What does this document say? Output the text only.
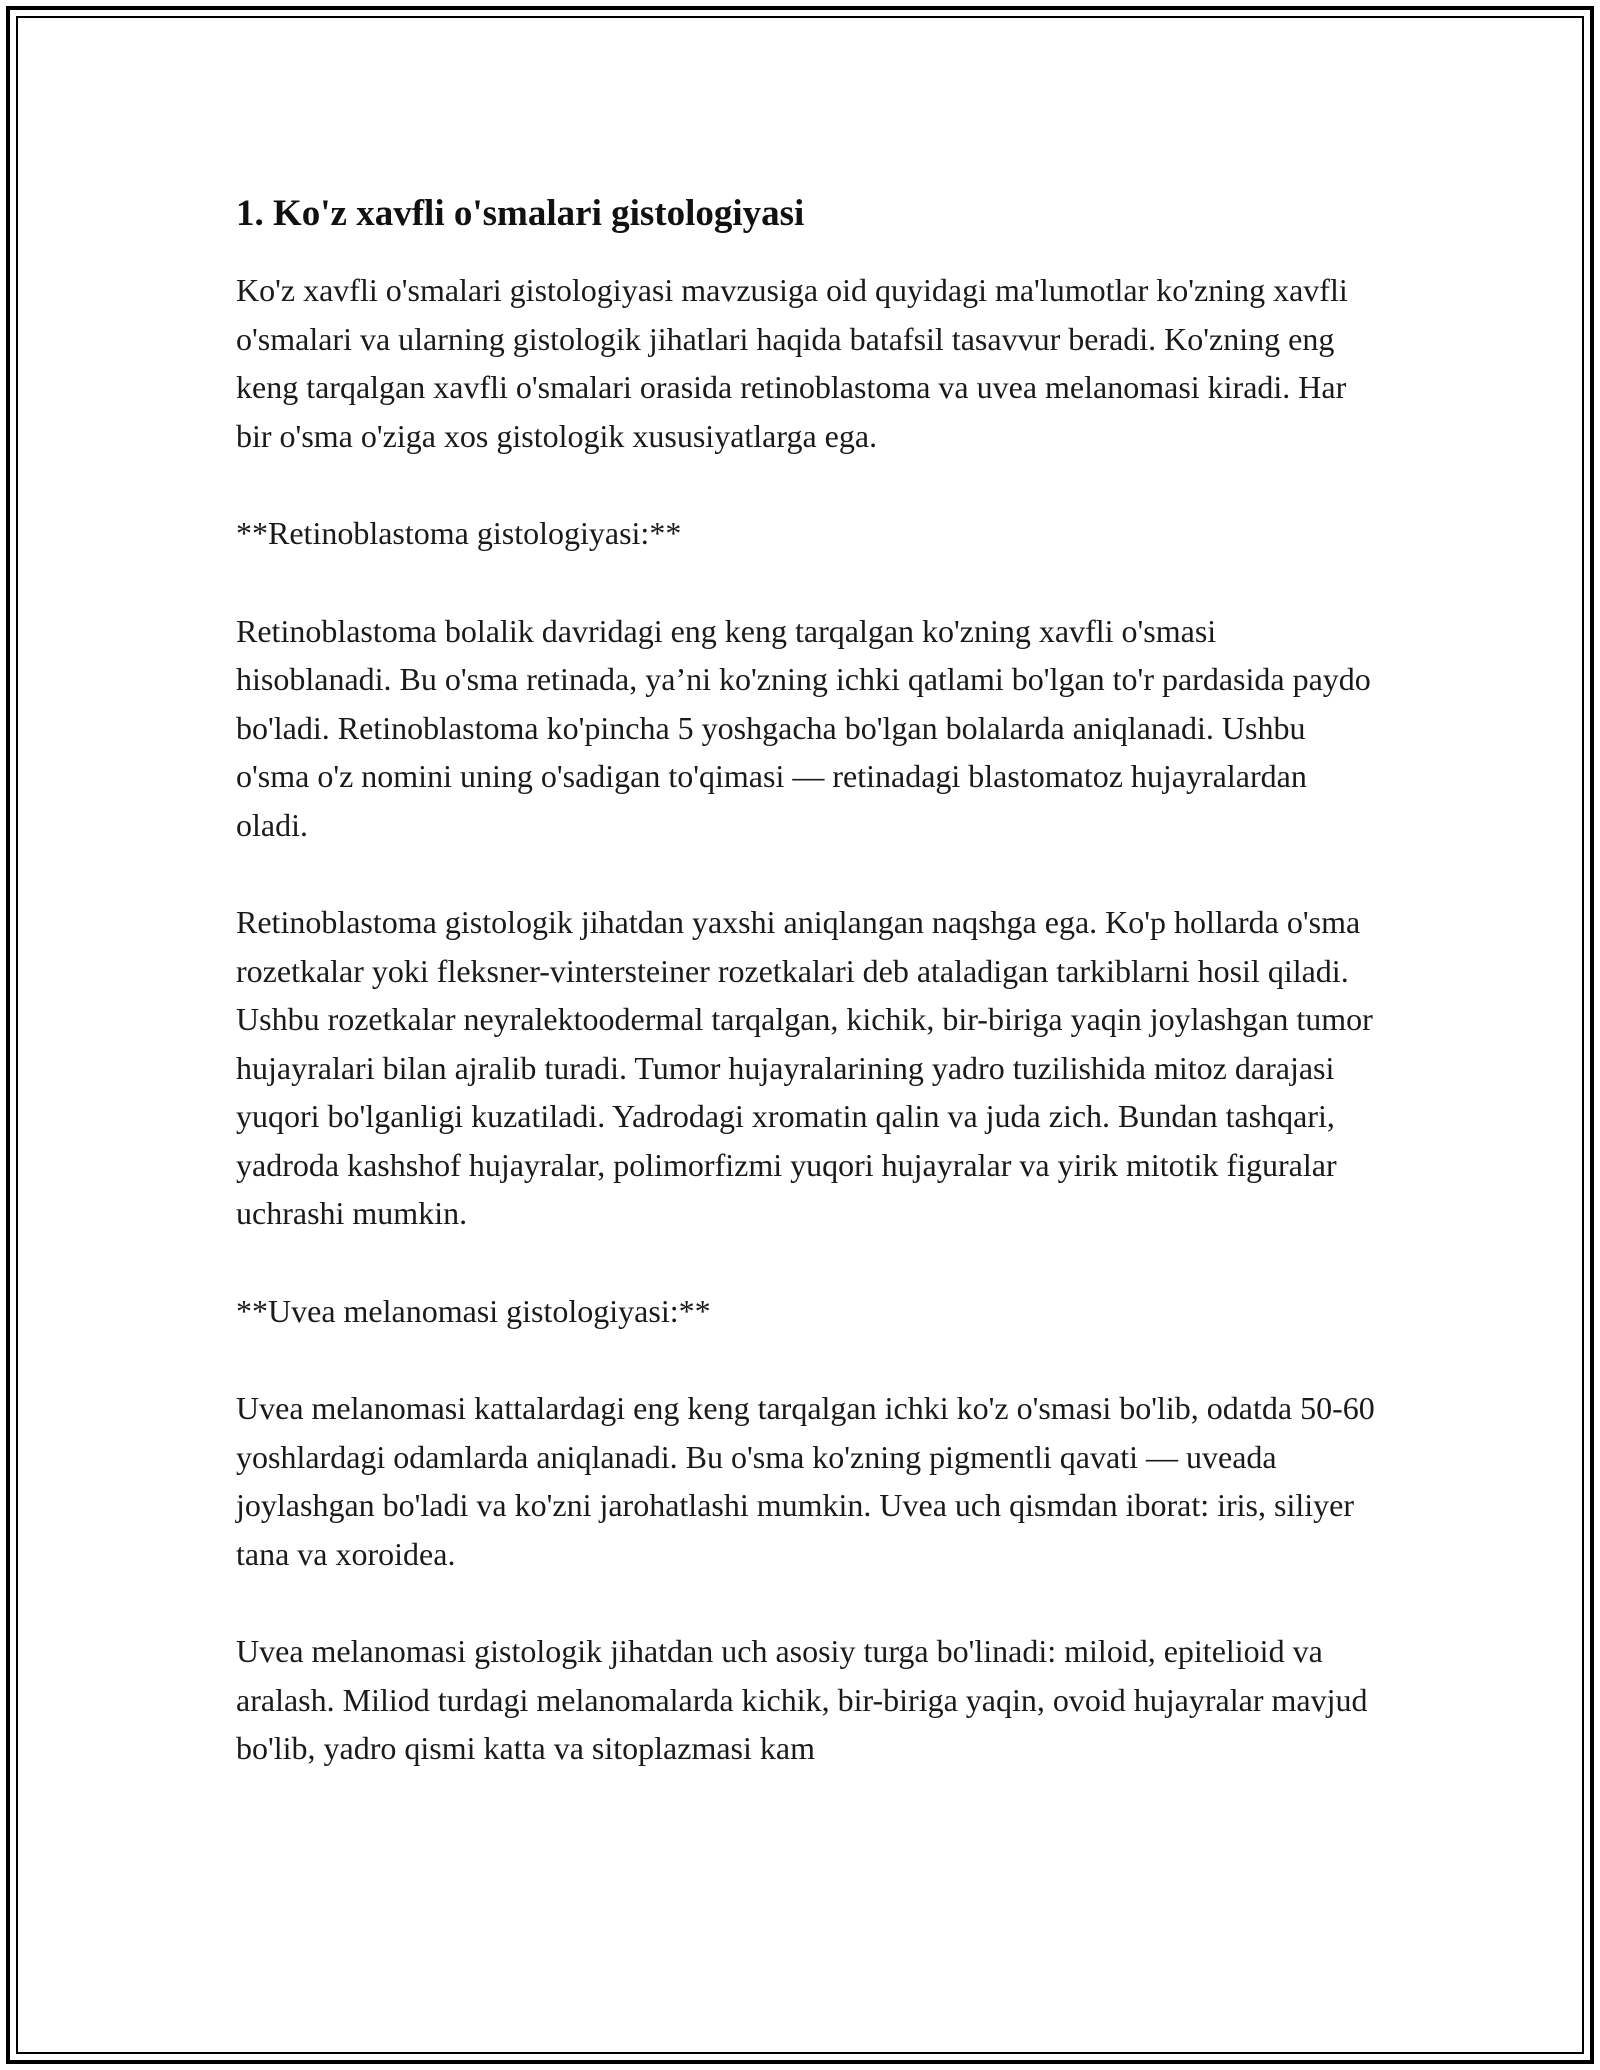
1. Ko'z xavfli o'smalari gistologiyasi

Ko'z xavfli o'smalari gistologiyasi mavzusiga oid quyidagi ma'lumotlar ko'zning xavfli o'smalari va ularning gistologik jihatlari haqida batafsil tasavvur beradi. Ko'zning eng keng tarqalgan xavfli o'smalari orasida retinoblastoma va uvea melanomasi kiradi. Har bir o'sma o'ziga xos gistologik xususiyatlarga ega.

**Retinoblastoma gistologiyasi:**

Retinoblastoma bolalik davridagi eng keng tarqalgan ko'zning xavfli o'smasi hisoblanadi. Bu o'sma retinada, ya’ni ko'zning ichki qatlami bo'lgan to'r pardasida paydo bo'ladi. Retinoblastoma ko'pincha 5 yoshgacha bo'lgan bolalarda aniqlanadi. Ushbu o'sma o'z nomini uning o'sadigan to'qimasi — retinadagi blastomatoz hujayralardan oladi.

Retinoblastoma gistologik jihatdan yaxshi aniqlangan naqshga ega. Ko'p hollarda o'sma rozetkalar yoki fleksner-vintersteiner rozetkalari deb ataladigan tarkiblarni hosil qiladi. Ushbu rozetkalar neyralektoodermal tarqalgan, kichik, bir-biriga yaqin joylashgan tumor hujayralari bilan ajralib turadi. Tumor hujayralarining yadro tuzilishida mitoz darajasi yuqori bo'lganligi kuzatiladi. Yadrodagi xromatin qalin va juda zich. Bundan tashqari, yadroda kashshof hujayralar, polimorfizmi yuqori hujayralar va yirik mitotik figuralar uchrashi mumkin.

**Uvea melanomasi gistologiyasi:**

Uvea melanomasi kattalardagi eng keng tarqalgan ichki ko'z o'smasi bo'lib, odatda 50-60 yoshlardagi odamlarda aniqlanadi. Bu o'sma ko'zning pigmentli qavati — uveada joylashgan bo'ladi va ko'zni jarohatlashi mumkin. Uvea uch qismdan iborat: iris, siliyer tana va xoroidea.

Uvea melanomasi gistologik jihatdan uch asosiy turga bo'linadi: miloid, epitelioid va aralash. Miliod turdagi melanomalarda kichik, bir-biriga yaqin, ovoid hujayralar mavjud bo'lib, yadro qismi katta va sitoplazmasi kam
